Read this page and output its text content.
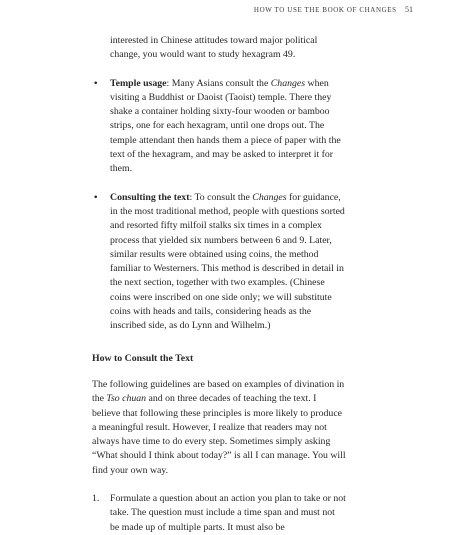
HOW TO USE THE BOOK OF CHANGES 51

interested in Chinese attitudes toward major political change, you would want to study hexagram 49.

• Temple usage: Many Asians consult the Changes when visiting a Buddhist or Daoist (Taoist) temple. There they shake a container holding sixty-four wooden or bamboo strips, one for each hexagram, until one drops out. The temple attendant then hands them a piece of paper with the text of the hexagram, and may be asked to interpret it for them.

• Consulting the text: To consult the Changes for guidance, in the most traditional method, people with questions sorted and resorted fifty milfoil stalks six times in a complex process that yielded six numbers between 6 and 9. Later, similar results were obtained using coins, the method familiar to Westerners. This method is described in detail in the next section, together with two examples. (Chinese coins were inscribed on one side only; we will substitute coins with heads and tails, considering heads as the inscribed side, as do Lynn and Wilhelm.)

How to Consult the Text

The following guidelines are based on examples of divination in the Tso chuan and on three decades of teaching the text. I believe that following these principles is more likely to produce a meaningful result. However, I realize that readers may not always have time to do every step. Sometimes simply asking “What should I think about today?” is all I can manage. You will find your own way.

1. Formulate a question about an action you plan to take or not take. The question must include a time span and must not be made up of multiple parts. It must also be
